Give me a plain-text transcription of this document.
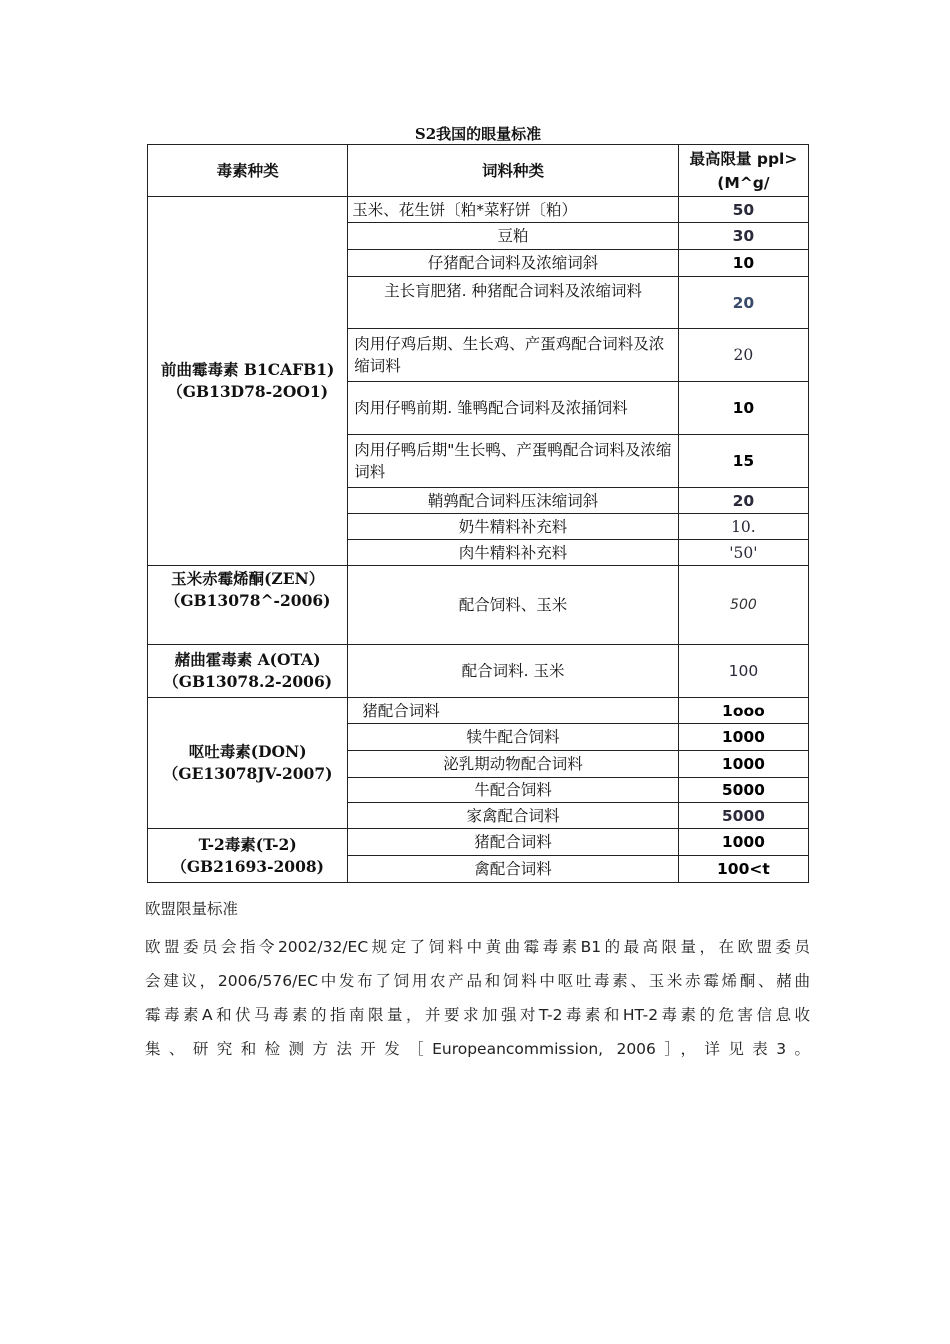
S2我国的眼量标准
毒素种类	词料种类	最高限量 ppl>(M^g/
前曲霉毒素 B1CAFB1)（GB13D78-2OO1)	玉米、花生饼〔粕*菜籽饼〔粕）	50
	豆粕	30
	仔猪配合词料及浓缩词斜	10
	主长肓肥猪. 种猪配合词料及浓缩词料	20
	肉用仔鸡后期、生长鸡、产蛋鸡配合词料及浓缩词料	20
	肉用仔鸭前期. 雏鸭配合词料及浓捅饲料	10
	肉用仔鸭后期"生长鸭、产蛋鸭配合词料及浓缩词料	15
	鞘鹑配合词料压沫缩词斜	20
	奶牛精料补充料	10.
	肉牛精料补充料	'50'
玉米赤霉烯酮(ZEN）（GB13078^-2006)	配合饲料、玉米	500
赭曲霍毒素 A(OTA)（GB13078.2-2006)	配合词料. 玉米	100
呕吐毒素(DON)（GE13078JV-2007)	猪配合词料	1ooo
	犊牛配合饲料	1000
	泌乳期动物配合词料	1000
	牛配合饲料	5000
	家禽配合词料	5000
T-2毒素(T-2)（GB21693-2008)	猪配合词料	1000
	禽配合词料	100<t
欧盟限量标准
欧盟委员会指令2002/32/EC规定了饲料中黄曲霉毒素B1的最高限量，在欧盟委员
会建议，2006/576/EC中发布了饲用农产品和饲料中呕吐毒素、玉米赤霉烯酮、赭曲
霉毒素A和伏马毒素的指南限量，并要求加强对T-2毒素和HT-2毒素的危害信息收
集、研究和检测方法开发［Europeancommission, 2006］，详见表3。
